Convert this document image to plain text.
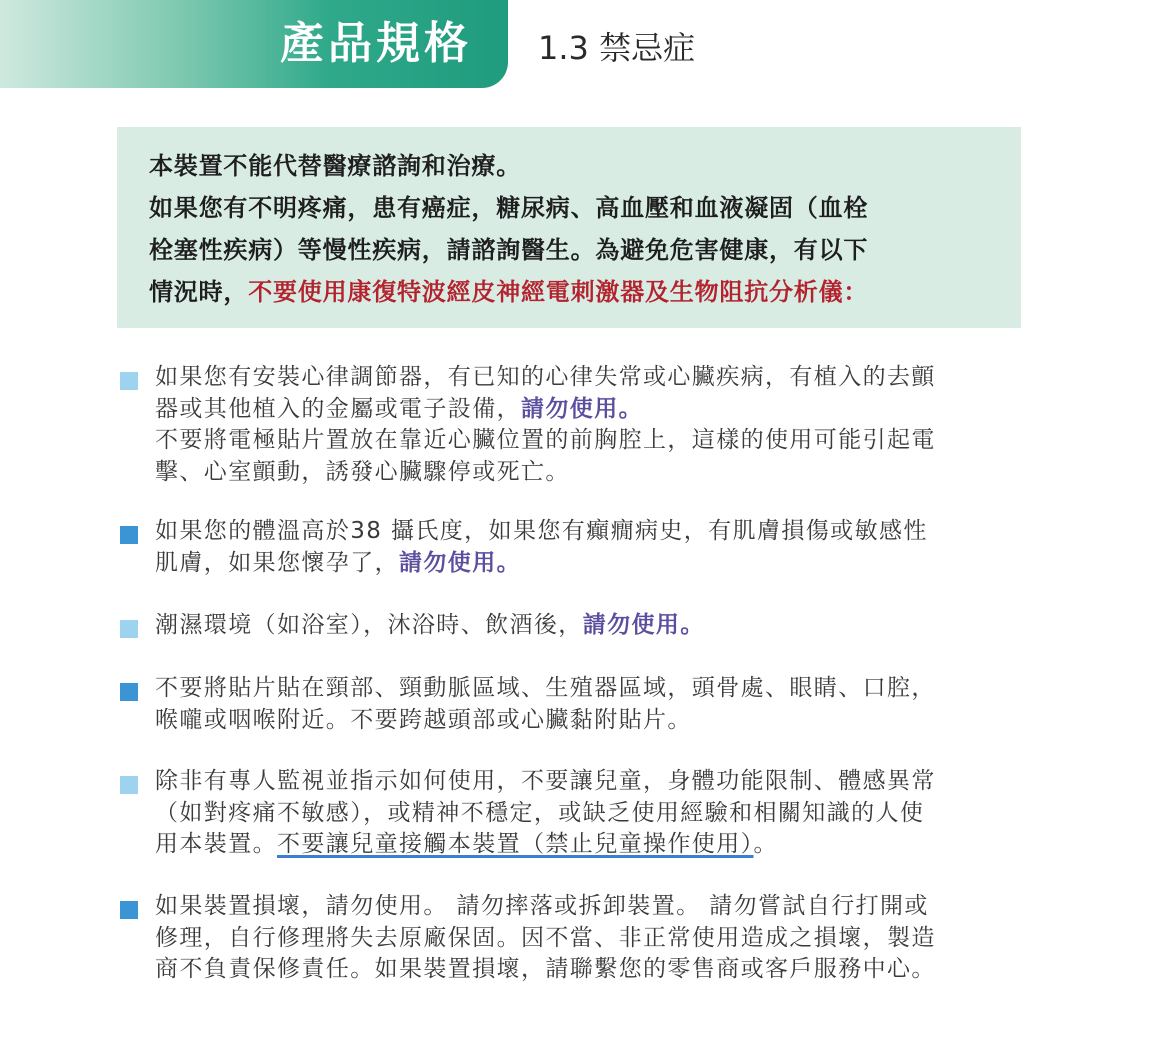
產品規格 1.3 禁忌症
本裝置不能代替醫療諮詢和治療。
如果您有不明疼痛，患有癌症，糖尿病、高血壓和血液凝固（血栓
栓塞性疾病）等慢性疾病，請諮詢醫生。為避免危害健康，有以下
情況時，不要使用康復特波經皮神經電刺激器及生物阻抗分析儀：
如果您有安裝心律調節器，有已知的心律失常或心臟疾病，有植入的去顫
器或其他植入的金屬或電子設備，請勿使用。
不要將電極貼片置放在靠近心臟位置的前胸腔上，這樣的使用可能引起電
擊、心室顫動，誘發心臟驟停或死亡。
如果您的體溫高於38 攝氏度，如果您有癲癇病史，有肌膚損傷或敏感性
肌膚，如果您懷孕了，請勿使用。
潮濕環境（如浴室），沐浴時、飲酒後，請勿使用。
不要將貼片貼在頸部、頸動脈區域、生殖器區域，頭骨處、眼睛、口腔，
喉嚨或咽喉附近。不要跨越頭部或心臟黏附貼片。
除非有專人監視並指示如何使用，不要讓兒童，身體功能限制、體感異常
（如對疼痛不敏感），或精神不穩定，或缺乏使用經驗和相關知識的人使
用本裝置。不要讓兒童接觸本裝置（禁止兒童操作使用）。
如果裝置損壞，請勿使用。 請勿摔落或拆卸裝置。 請勿嘗試自行打開或
修理，自行修理將失去原廠保固。因不當、非正常使用造成之損壞，製造
商不負責保修責任。如果裝置損壞，請聯繫您的零售商或客戶服務中心。
